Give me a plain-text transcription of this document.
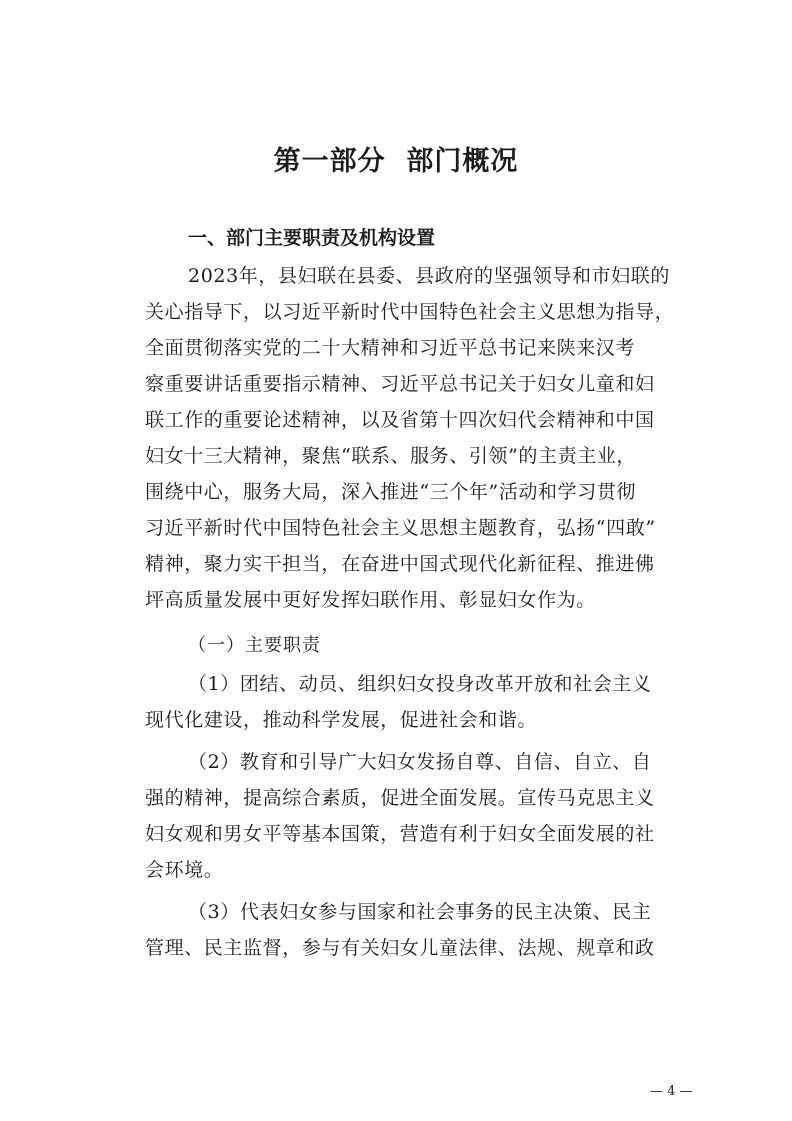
第一部分  部门概况
一、部门主要职责及机构设置
2023年，县妇联在县委、县政府的坚强领导和市妇联的
关心指导下，以习近平新时代中国特色社会主义思想为指导，
全面贯彻落实党的二十大精神和习近平总书记来陕来汉考
察重要讲话重要指示精神、习近平总书记关于妇女儿童和妇
联工作的重要论述精神，以及省第十四次妇代会精神和中国
妇女十三大精神，聚焦“联系、服务、引领”的主责主业，
围绕中心，服务大局，深入推进“三个年”活动和学习贯彻
习近平新时代中国特色社会主义思想主题教育，弘扬“四敢”
精神，聚力实干担当，在奋进中国式现代化新征程、推进佛
坪高质量发展中更好发挥妇联作用、彰显妇女作为。
（一）主要职责
（1）团结、动员、组织妇女投身改革开放和社会主义
现代化建设，推动科学发展，促进社会和谐。
（2）教育和引导广大妇女发扬自尊、自信、自立、自
强的精神，提高综合素质，促进全面发展。宣传马克思主义
妇女观和男女平等基本国策，营造有利于妇女全面发展的社
会环境。
（3）代表妇女参与国家和社会事务的民主决策、民主
管理、民主监督，参与有关妇女儿童法律、法规、规章和政
— 4 —
